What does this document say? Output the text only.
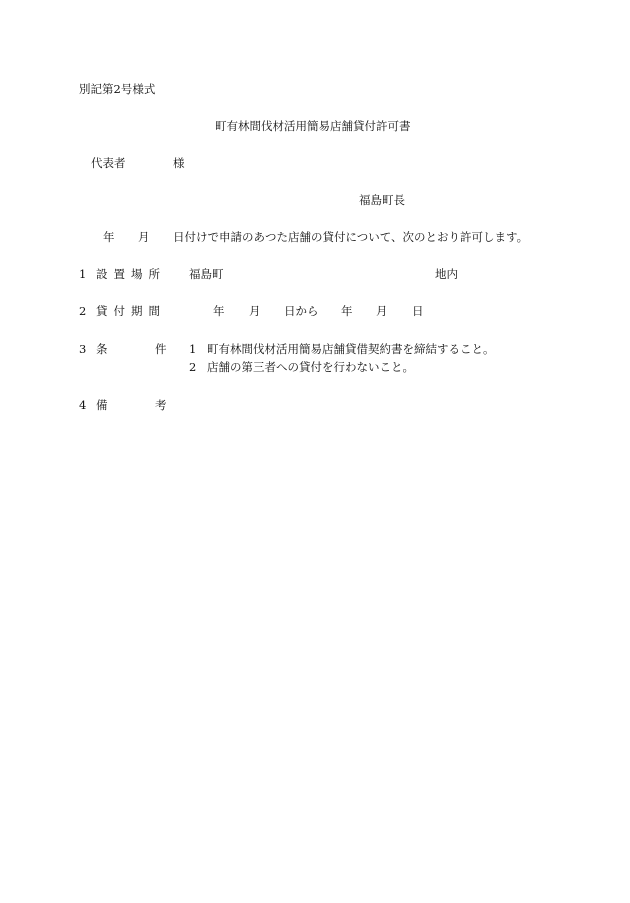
別記第2号様式
町有林間伐材活用簡易店舗貸付許可書
代表者	様
福島町長
年 月 日付けで申請のあつた店舗の貸付について、次のとおり許可します。
1 設置場所 福島町	地内
2 貸付期間	年 月 日から 年 月 日
3 条	件 1 町有林間伐材活用簡易店舗貸借契約書を締結すること。
2 店舗の第三者への貸付を行わないこと。
4 備	考
